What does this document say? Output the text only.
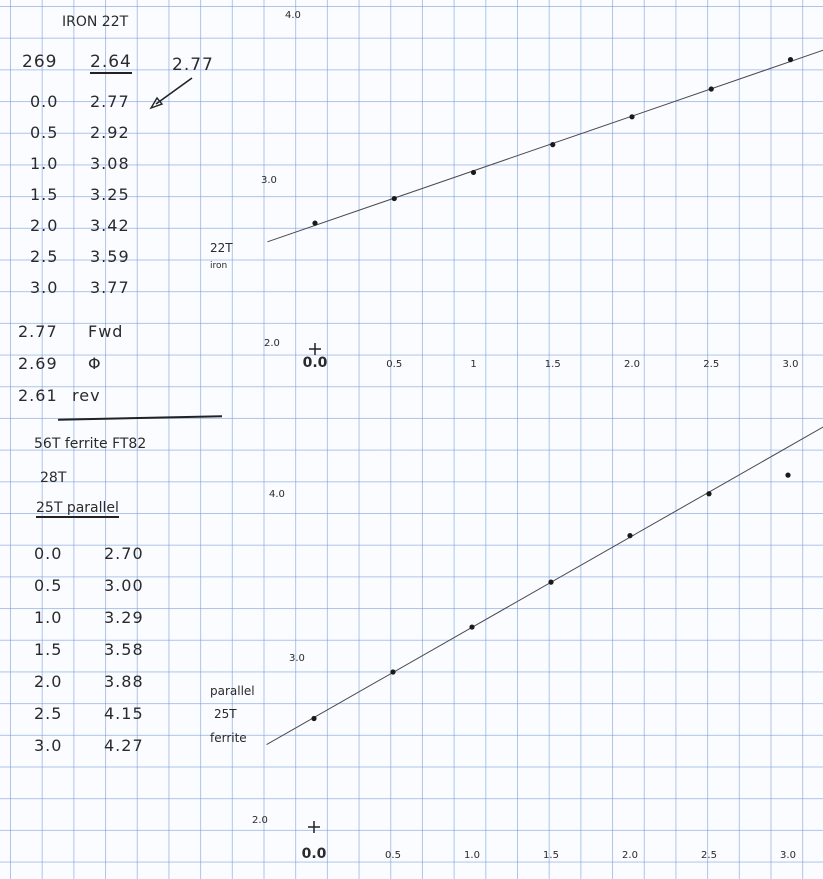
IRON 22T
269 2.64 2.77
0.0 2.77
0.5 2.92
1.0 3.08
1.5 3.25
2.0 3.42
2.5 3.59
3.0 3.77
2.77 Fwd
2.69 Φ
2.61 rev
56T ferrite FT82
28T
25T parallel
0.0	2.70
0.5	3.00
1.0	3.29
1.5	3.58
2.0	3.88
2.5	4.15
3.0	4.27
0.0	0.5	1	1.5	2.0	2.5	3.0
2.0
3.0
4.0
22T
iron
0.0	0.5	1.0	1.5	2.0	2.5	3.0
2.0
3.0
4.0
parallel
25T
ferrite
